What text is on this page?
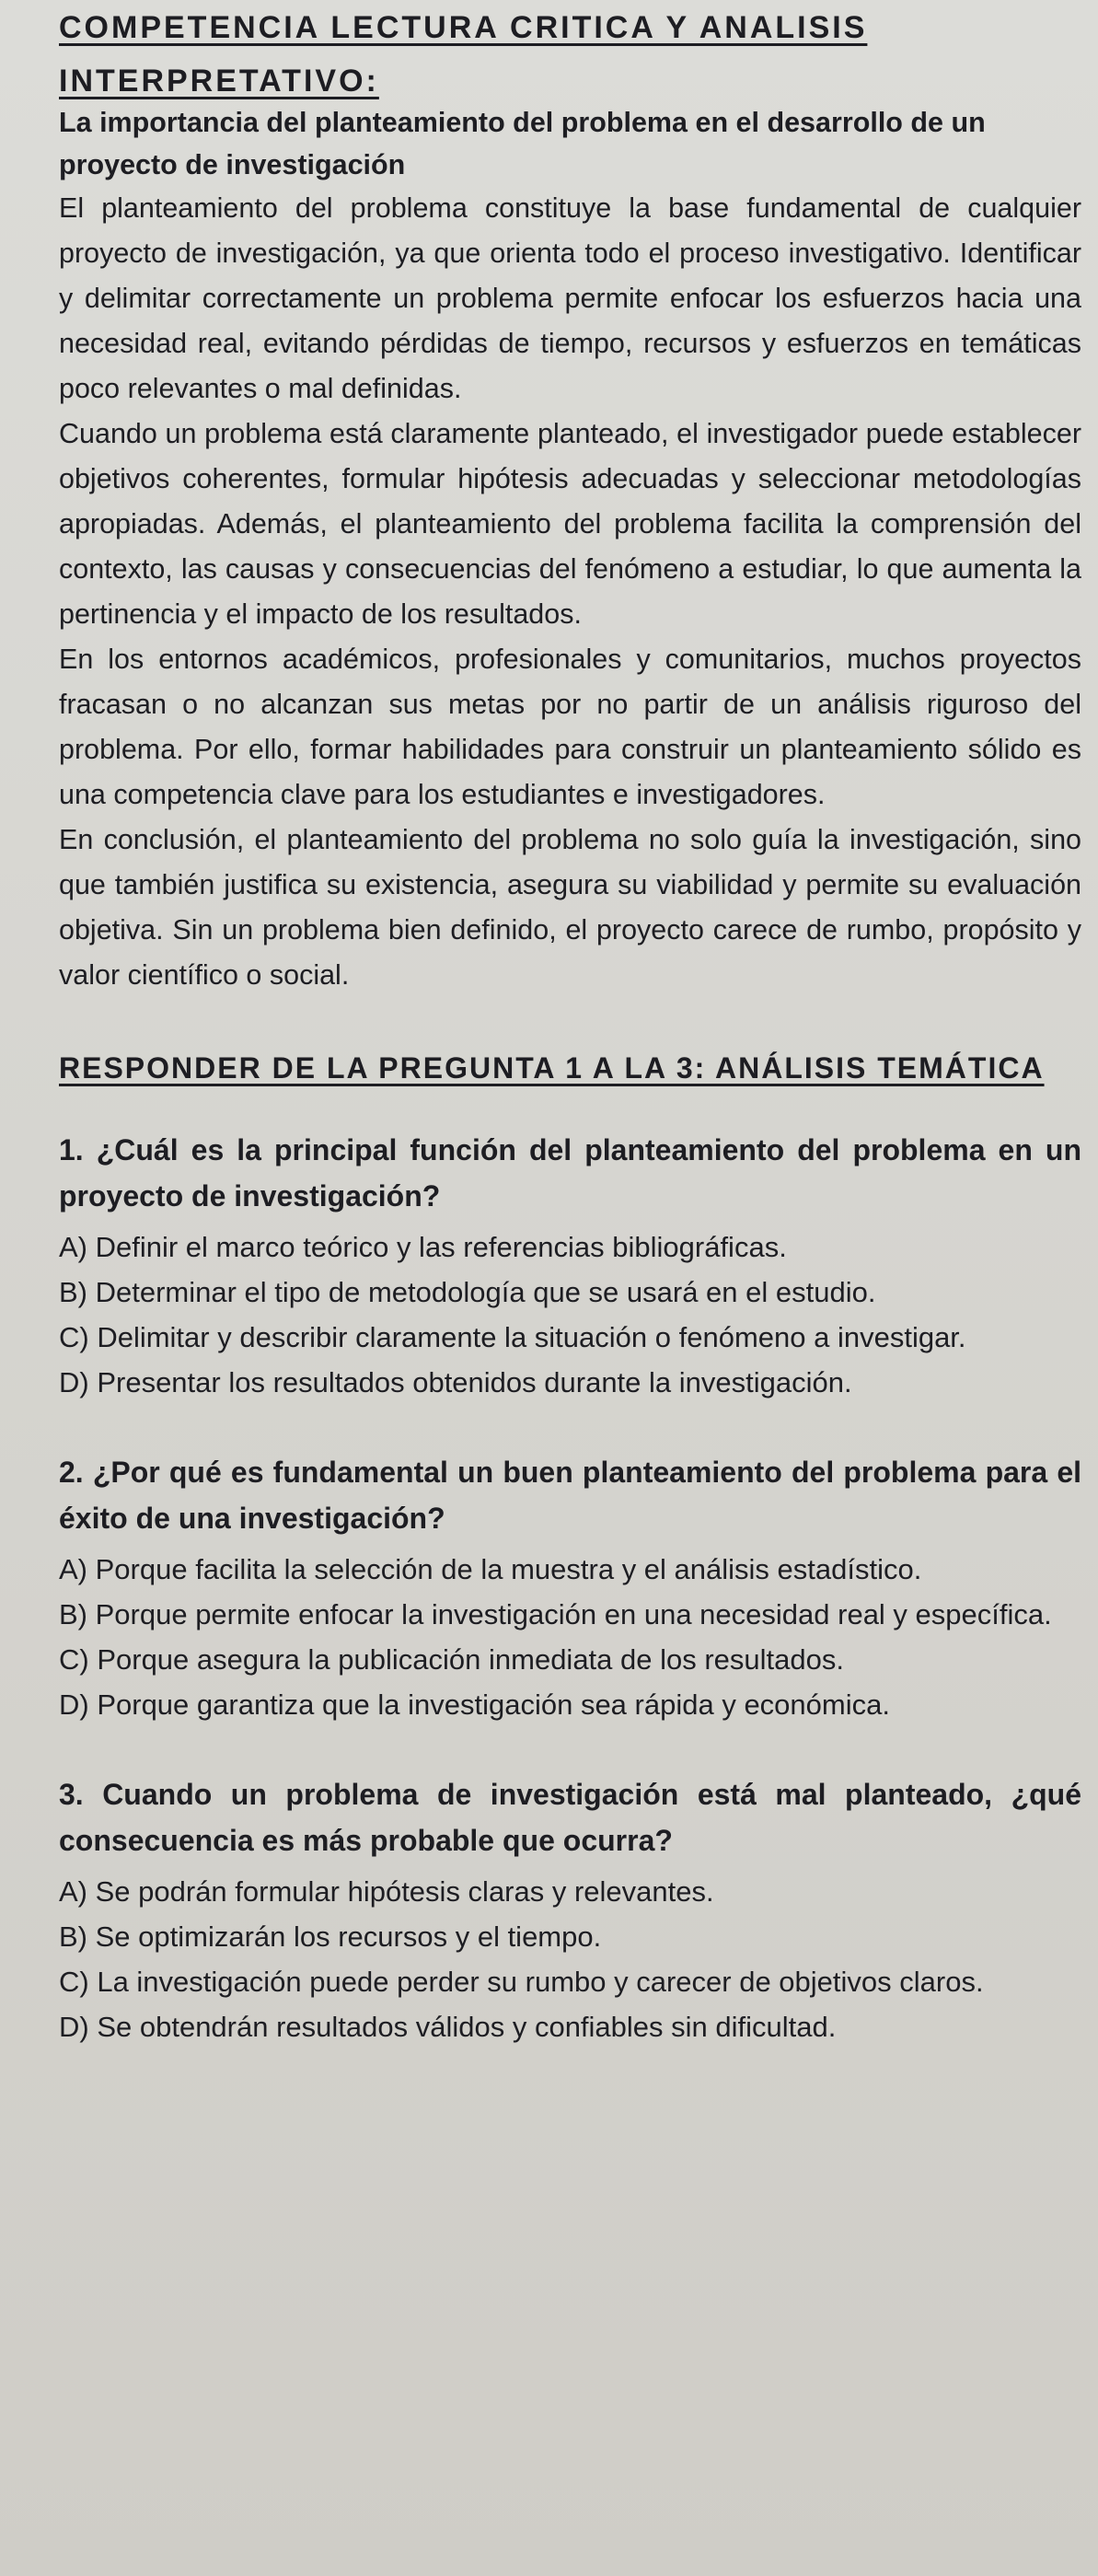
COMPETENCIA LECTURA CRITICA Y ANALISIS
INTERPRETATIVO:

La importancia del planteamiento del problema en el desarrollo de un proyecto de investigación

El planteamiento del problema constituye la base fundamental de cualquier proyecto de investigación, ya que orienta todo el proceso investigativo. Identificar y delimitar correctamente un problema permite enfocar los esfuerzos hacia una necesidad real, evitando pérdidas de tiempo, recursos y esfuerzos en temáticas poco relevantes o mal definidas.

Cuando un problema está claramente planteado, el investigador puede establecer objetivos coherentes, formular hipótesis adecuadas y seleccionar metodologías apropiadas. Además, el planteamiento del problema facilita la comprensión del contexto, las causas y consecuencias del fenómeno a estudiar, lo que aumenta la pertinencia y el impacto de los resultados.

En los entornos académicos, profesionales y comunitarios, muchos proyectos fracasan o no alcanzan sus metas por no partir de un análisis riguroso del problema. Por ello, formar habilidades para construir un planteamiento sólido es una competencia clave para los estudiantes e investigadores.

En conclusión, el planteamiento del problema no solo guía la investigación, sino que también justifica su existencia, asegura su viabilidad y permite su evaluación objetiva. Sin un problema bien definido, el proyecto carece de rumbo, propósito y valor científico o social.

RESPONDER DE LA PREGUNTA 1 A LA 3: ANÁLISIS TEMÁTICA

1. ¿Cuál es la principal función del planteamiento del problema en un proyecto de investigación?

A) Definir el marco teórico y las referencias bibliográficas.

B) Determinar el tipo de metodología que se usará en el estudio.

C) Delimitar y describir claramente la situación o fenómeno a investigar.

D) Presentar los resultados obtenidos durante la investigación.

2. ¿Por qué es fundamental un buen planteamiento del problema para el éxito de una investigación?

A) Porque facilita la selección de la muestra y el análisis estadístico.

B) Porque permite enfocar la investigación en una necesidad real y específica.

C) Porque asegura la publicación inmediata de los resultados.

D) Porque garantiza que la investigación sea rápida y económica.

3. Cuando un problema de investigación está mal planteado, ¿qué consecuencia es más probable que ocurra?

A) Se podrán formular hipótesis claras y relevantes.

B) Se optimizarán los recursos y el tiempo.

C) La investigación puede perder su rumbo y carecer de objetivos claros.

D) Se obtendrán resultados válidos y confiables sin dificultad.
